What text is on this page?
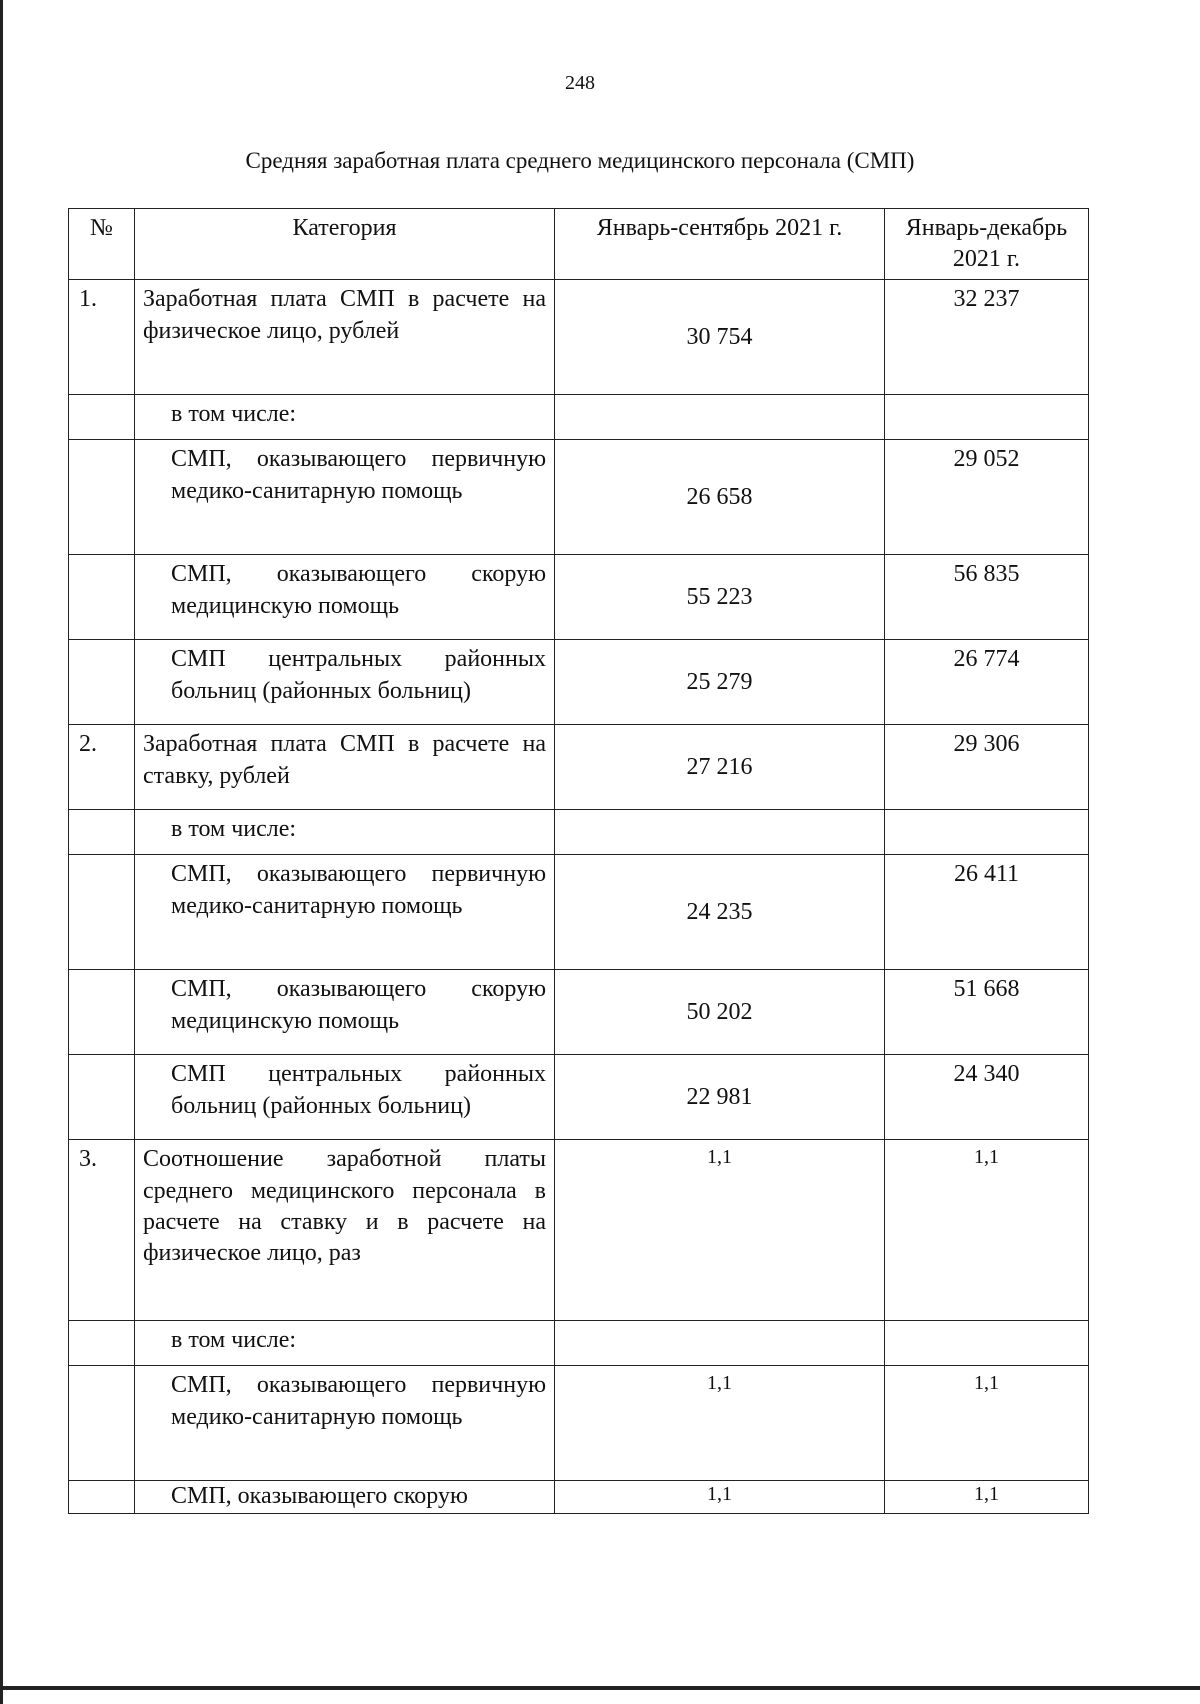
248
Средняя заработная плата среднего медицинского персонала (СМП)
№	Категория	Январь-сентябрь 2021 г.	Январь-декабрь 2021 г.
1.	Заработная плата СМП в расчете на физическое лицо, рублей	30 754	32 237
	в том числе:		
	СМП, оказывающего первичную медико-санитарную помощь	26 658	29 052
	СМП, оказывающего скорую медицинскую помощь	55 223	56 835
	СМП центральных районных больниц (районных больниц)	25 279	26 774
2.	Заработная плата СМП в расчете на ставку, рублей	27 216	29 306
	в том числе:		
	СМП, оказывающего первичную медико-санитарную помощь	24 235	26 411
	СМП, оказывающего скорую медицинскую помощь	50 202	51 668
	СМП центральных районных больниц (районных больниц)	22 981	24 340
3.	Соотношение заработной платы среднего медицинского персонала в расчете на ставку и в расчете на физическое лицо, раз	1,1	1,1
	в том числе:		
	СМП, оказывающего первичную медико-санитарную помощь	1,1	1,1
	СМП, оказывающего скорую	1,1	1,1
